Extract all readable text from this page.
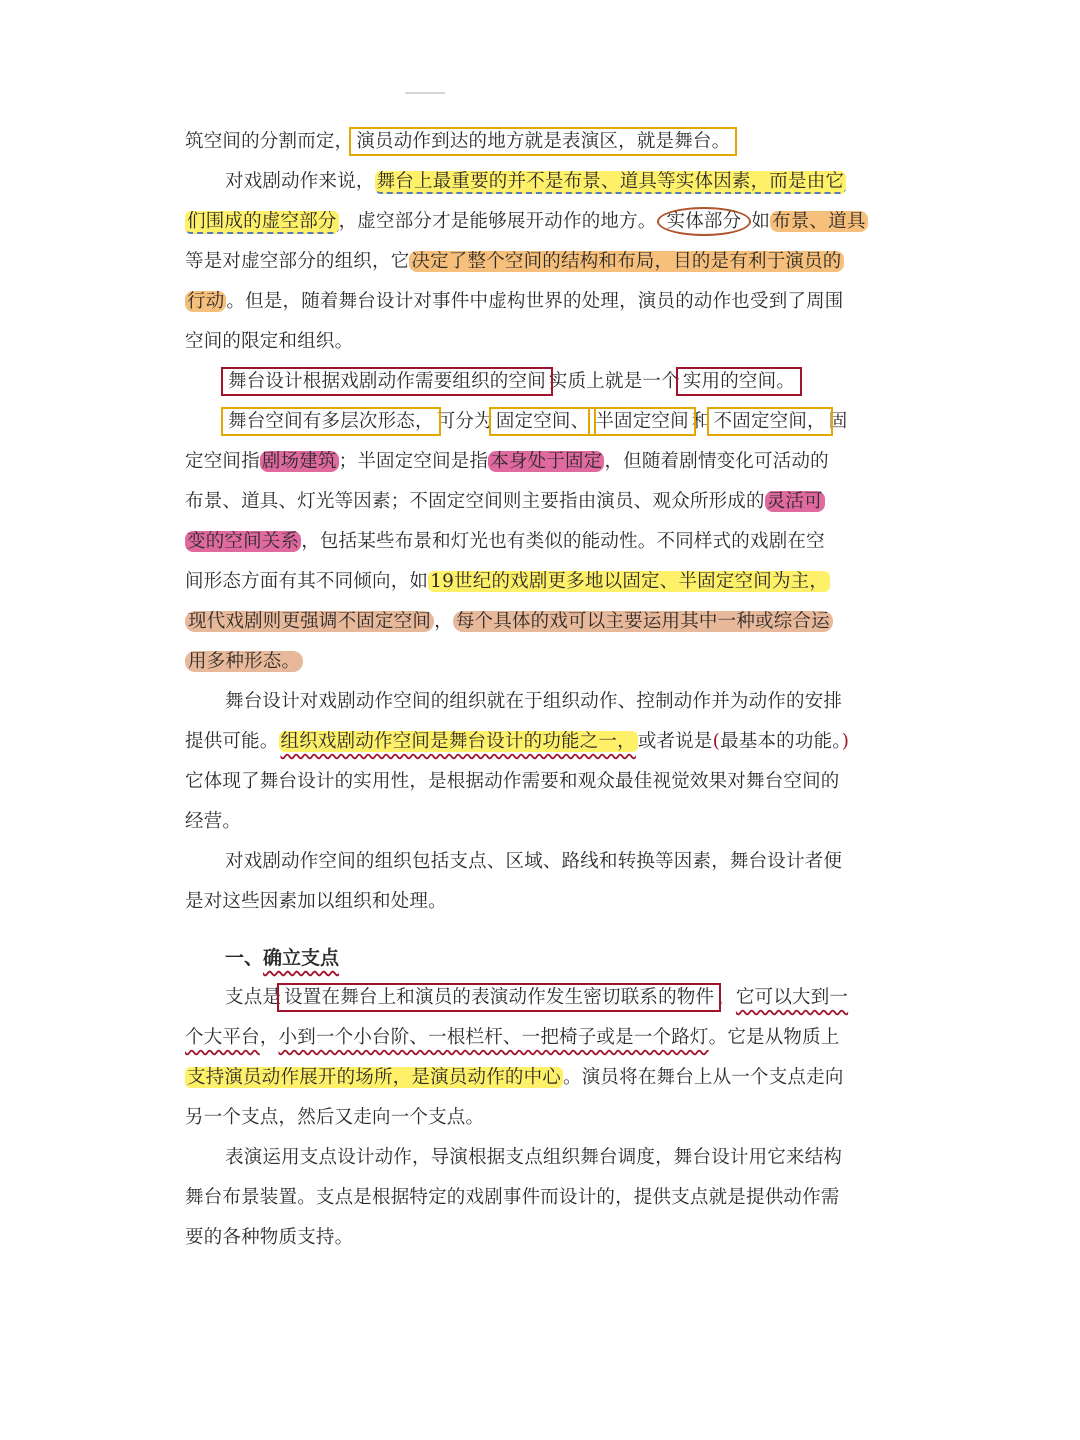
筑空间的分割而定， 演员动作到达的地方就是表演区，就是舞台。
对戏剧动作来说， 舞台上最重要的并不是布景、道具等实体因素，而是由它
们围成的虚空部分 ，虚空部分才是能够展开动作的地方。 实体部分 如 布景、道具
等是对虚空部分的组织，它 决定了整个空间的结构和布局，目的是有利于演员的
行动 。但是，随着舞台设计对事件中虚构世界的处理，演员的动作也受到了周围
空间的限定和组织。
舞台设计根据戏剧动作需要组织的空间 实质上就是一个 实用的空间。
舞台空间有多层次形态， 可分为 固定空间、 半固定空间 和 不固定空间， 固
定空间指 剧场建筑 ；半固定空间是指 本身处于固定 ，但随着剧情变化可活动的
布景、道具、灯光等因素；不固定空间则主要指由演员、观众所形成的 灵活可
变的空间关系 ，包括某些布景和灯光也有类似的能动性。不同样式的戏剧在空
间形态方面有其不同倾向，如 19世纪的戏剧更多地以固定、半固定空间为主，
现代戏剧则更强调不固定空间 ， 每个具体的戏可以主要运用其中一种或综合运
用多种形态。
舞台设计对戏剧动作空间的组织就在于组织动作、控制动作并为动作的安排
提供可能。 组织戏剧动作空间是舞台设计的功能之一， 或者说是(最基本的功能。)
它体现了舞台设计的实用性，是根据动作需要和观众最佳视觉效果对舞台空间的
经营。
对戏剧动作空间的组织包括支点、区域、路线和转换等因素，舞台设计者便
是对这些因素加以组织和处理。
一、确立支点
支点是 设置在舞台上和演员的表演动作发生密切联系的物件 ，它可以大到一
个大平台，小到一个小台阶、一根栏杆、一把椅子或是一个路灯。它是从物质上
支持演员动作展开的场所，是演员动作的中心 。演员将在舞台上从一个支点走向
另一个支点，然后又走向一个支点。
表演运用支点设计动作，导演根据支点组织舞台调度，舞台设计用它来结构
舞台布景装置。支点是根据特定的戏剧事件而设计的，提供支点就是提供动作需
要的各种物质支持。
